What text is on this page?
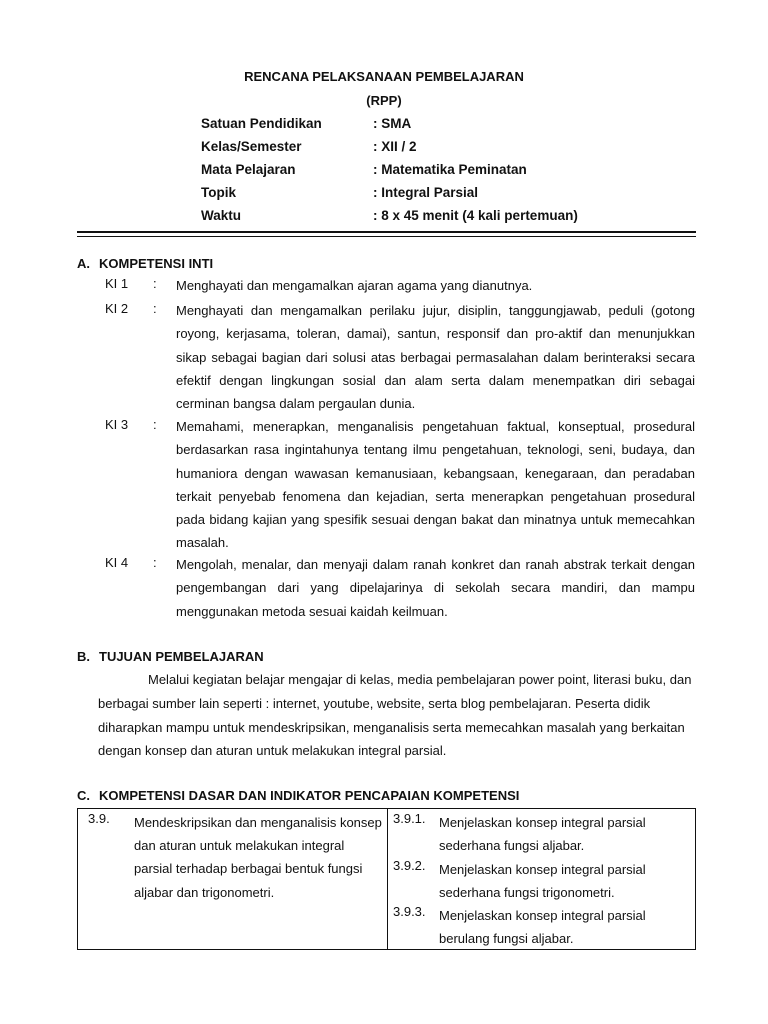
RENCANA PELAKSANAAN PEMBELAJARAN
(RPP)
Satuan Pendidikan	: SMA
Kelas/Semester	: XII / 2
Mata Pelajaran	: Matematika Peminatan
Topik	: Integral Parsial
Waktu	: 8 x 45 menit (4 kali pertemuan)
A. KOMPETENSI INTI
KI 1 : Menghayati dan mengamalkan ajaran agama yang dianutnya.
KI 2 : Menghayati dan mengamalkan perilaku jujur, disiplin, tanggungjawab, peduli (gotong royong, kerjasama, toleran, damai), santun, responsif dan pro-aktif dan menunjukkan sikap sebagai bagian dari solusi atas berbagai permasalahan dalam berinteraksi secara efektif dengan lingkungan sosial dan alam serta dalam menempatkan diri sebagai cerminan bangsa dalam pergaulan dunia.
KI 3 : Memahami, menerapkan, menganalisis pengetahuan faktual, konseptual, prosedural berdasarkan rasa ingintahunya tentang ilmu pengetahuan, teknologi, seni, budaya, dan humaniora dengan wawasan kemanusiaan, kebangsaan, kenegaraan, dan peradaban terkait penyebab fenomena dan kejadian, serta menerapkan pengetahuan prosedural pada bidang kajian yang spesifik sesuai dengan bakat dan minatnya untuk memecahkan masalah.
KI 4 : Mengolah, menalar, dan menyaji dalam ranah konkret dan ranah abstrak terkait dengan pengembangan dari yang dipelajarinya di sekolah secara mandiri, dan mampu menggunakan metoda sesuai kaidah keilmuan.
B. TUJUAN PEMBELAJARAN
Melalui kegiatan belajar mengajar di kelas, media pembelajaran power point, literasi buku, dan berbagai sumber lain seperti : internet, youtube, website, serta blog pembelajaran. Peserta didik diharapkan mampu untuk mendeskripsikan, menganalisis serta memecahkan masalah yang berkaitan dengan konsep dan aturan untuk melakukan integral parsial.
C. KOMPETENSI DASAR DAN INDIKATOR PENCAPAIAN KOMPETENSI
3.9. Mendeskripsikan dan menganalisis konsep dan aturan untuk melakukan integral parsial terhadap berbagai bentuk fungsi aljabar dan trigonometri.

3.9.1. Menjelaskan konsep integral parsial sederhana fungsi aljabar.
3.9.2. Menjelaskan konsep integral parsial sederhana fungsi trigonometri.
3.9.3. Menjelaskan konsep integral parsial berulang fungsi aljabar.
